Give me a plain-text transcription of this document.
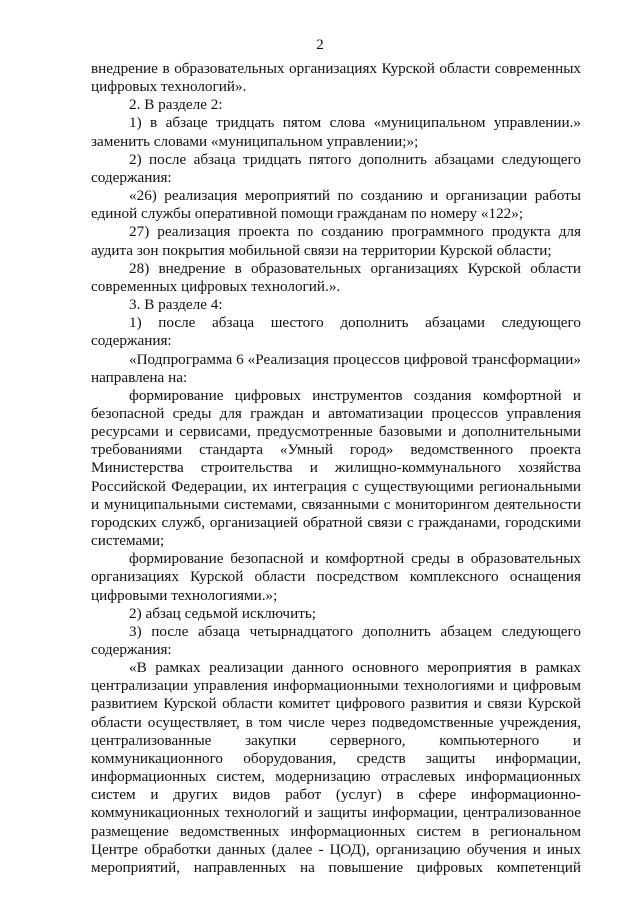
2

внедрение в образовательных организациях Курской области современных цифровых технологий».

2. В разделе 2:

1) в абзаце тридцать пятом слова «муниципальном управлении.» заменить словами «муниципальном управлении;»;

2) после абзаца тридцать пятого дополнить абзацами следующего содержания:

«26) реализация мероприятий по созданию и организации работы единой службы оперативной помощи гражданам по номеру «122»;

27) реализация проекта по созданию программного продукта для аудита зон покрытия мобильной связи на территории Курской области;

28) внедрение в образовательных организациях Курской области современных цифровых технологий.».

3. В разделе 4:

1) после абзаца шестого дополнить абзацами следующего содержания:

«Подпрограмма 6 «Реализация процессов цифровой трансформации» направлена на:

формирование цифровых инструментов создания комфортной и безопасной среды для граждан и автоматизации процессов управления ресурсами и сервисами, предусмотренные базовыми и дополнительными требованиями стандарта «Умный город» ведомственного проекта Министерства строительства и жилищно-коммунального хозяйства Российской Федерации, их интеграция с существующими региональными и муниципальными системами, связанными с мониторингом деятельности городских служб, организацией обратной связи с гражданами, городскими системами;

формирование безопасной и комфортной среды в образовательных организациях Курской области посредством комплексного оснащения цифровыми технологиями.»;

2) абзац седьмой исключить;

3) после абзаца четырнадцатого дополнить абзацем следующего содержания:

«В рамках реализации данного основного мероприятия в рамках централизации управления информационными технологиями и цифровым развитием Курской области комитет цифрового развития и связи Курской области осуществляет, в том числе через подведомственные учреждения, централизованные закупки серверного, компьютерного и коммуникационного оборудования, средств защиты информации, информационных систем, модернизацию отраслевых информационных систем и других видов работ (услуг) в сфере информационно-коммуникационных технологий и защиты информации, централизованное размещение ведомственных информационных систем в региональном Центре обработки данных (далее - ЦОД), организацию обучения и иных мероприятий, направленных на повышение цифровых компетенций
